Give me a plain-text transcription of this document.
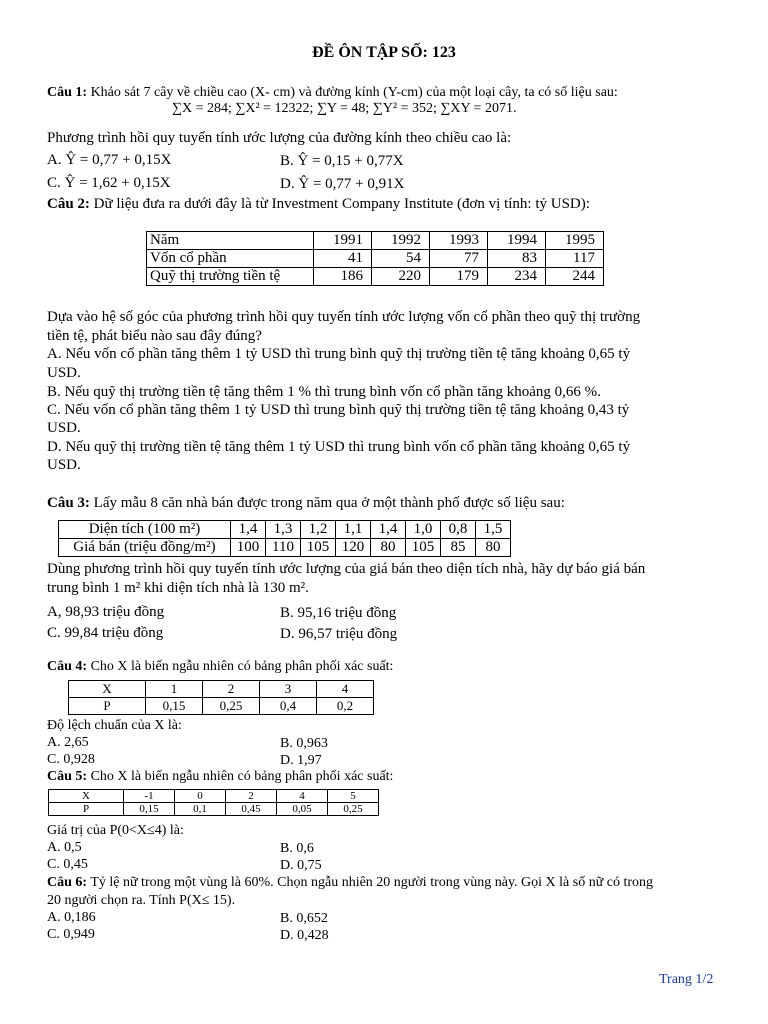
ĐỀ ÔN TẬP SỐ: 123
Câu 1: Khảo sát 7 cây về chiều cao (X- cm) và đường kính (Y-cm) của một loại cây, ta có số liệu sau:
∑X = 284; ∑X² = 12322; ∑Y = 48; ∑Y² = 352; ∑XY = 2071.
Phương trình hồi quy tuyến tính ước lượng của đường kính theo chiều cao là:
A. Ŷ = 0,77 + 0,15X	B. Ŷ = 0,15 + 0,77X
C. Ŷ = 1,62 + 0,15X	D. Ŷ = 0,77 + 0,91X
Câu 2: Dữ liệu đưa ra dưới đây là từ Investment Company Institute (đơn vị tính: tỷ USD):
Năm	1991	1992	1993	1994	1995
Vốn cổ phần	41	54	77	83	117
Quỹ thị trường tiền tệ	186	220	179	234	244
Dựa vào hệ số góc của phương trình hồi quy tuyến tính ước lượng vốn cổ phần theo quỹ thị trường
tiền tệ, phát biểu nào sau đây đúng?
A. Nếu vốn cổ phần tăng thêm 1 tỷ USD thì trung bình quỹ thị trường tiền tệ tăng khoảng 0,65 tỷ
USD.
B. Nếu quỹ thị trường tiền tệ tăng thêm 1 % thì trung bình vốn cổ phần tăng khoảng 0,66 %.
C. Nếu vốn cổ phần tăng thêm 1 tỷ USD thì trung bình quỹ thị trường tiền tệ tăng khoảng 0,43 tỷ
USD.
D. Nếu quỹ thị trường tiền tệ tăng thêm 1 tỷ USD thì trung bình vốn cổ phần tăng khoảng 0,65 tỷ
USD.
Câu 3: Lấy mẫu 8 căn nhà bán được trong năm qua ở một thành phố được số liệu sau:
Diện tích (100 m²)	1,4	1,3	1,2	1,1	1,4	1,0	0,8	1,5
Giá bán (triệu đồng/m²)	100	110	105	120	80	105	85	80
Dùng phương trình hồi quy tuyến tính ước lượng của giá bán theo diện tích nhà, hãy dự báo giá bán
trung bình 1 m² khi diện tích nhà là 130 m².
A, 98,93 triệu đồng	B. 95,16 triệu đồng
C. 99,84 triệu đồng	D. 96,57 triệu đồng
Câu 4: Cho X là biến ngẫu nhiên có bảng phân phối xác suất:
X	1	2	3	4
P	0,15	0,25	0,4	0,2
Độ lệch chuẩn của X là:
A. 2,65	B. 0,963
C. 0,928	D. 1,97
Câu 5: Cho X là biến ngẫu nhiên có bảng phân phối xác suất:
X	-1	0	2	4	5
P	0,15	0,1	0,45	0,05	0,25
Giá trị của P(0<X≤4) là:
A. 0,5	B. 0,6
C. 0,45	D. 0,75
Câu 6: Tỷ lệ nữ trong một vùng là 60%. Chọn ngẫu nhiên 20 người trong vùng này. Gọi X là số nữ có trong
20 người chọn ra. Tính P(X≤ 15).
A. 0,186	B. 0,652
C. 0,949	D. 0,428
Trang 1/2
